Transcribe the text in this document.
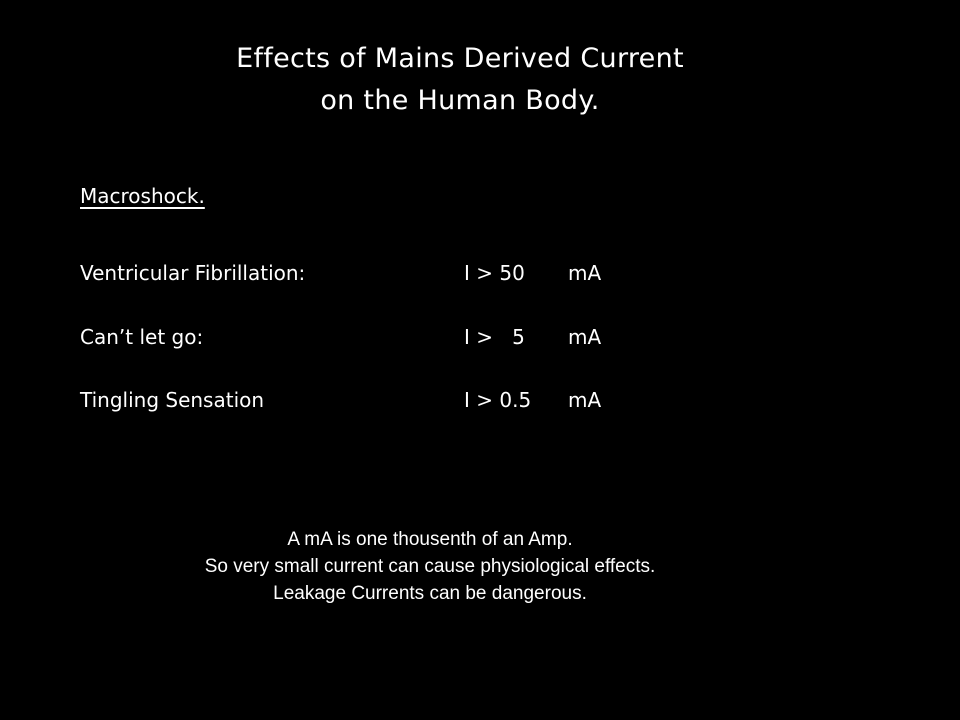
Effects of Mains Derived Current
on the Human Body.
Macroshock.
Ventricular Fibrillation:	I > 50 mA
Can’t let go:	I >   5 mA
Tingling Sensation	I > 0.5 mA
A mA is one thousenth of an Amp.
So very small current can cause physiological effects.
Leakage Currents can be dangerous.
